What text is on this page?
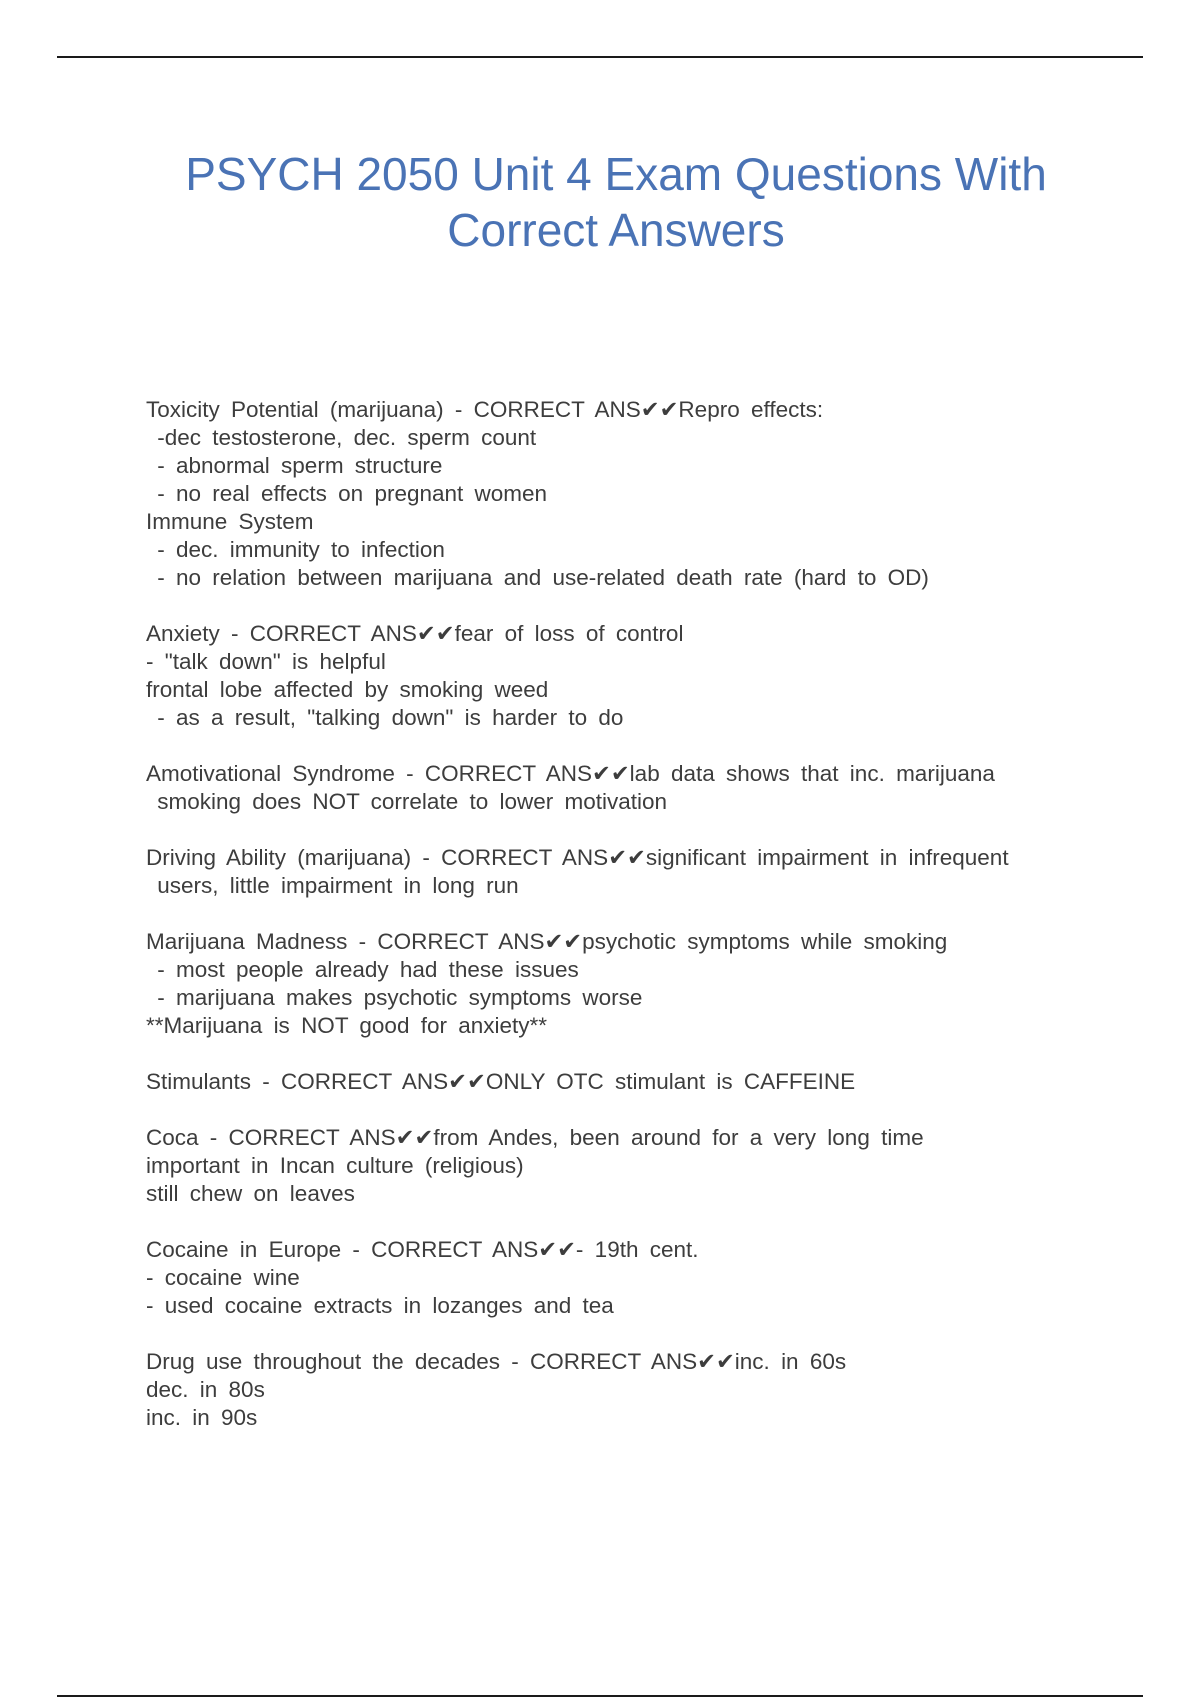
PSYCH 2050 Unit 4 Exam Questions With
Correct Answers
Toxicity Potential (marijuana) - CORRECT ANS✔✔Repro effects:
-dec testosterone, dec. sperm count
- abnormal sperm structure
- no real effects on pregnant women
Immune System
- dec. immunity to infection
- no relation between marijuana and use-related death rate (hard to OD)
Anxiety - CORRECT ANS✔✔fear of loss of control
- "talk down" is helpful
frontal lobe affected by smoking weed
- as a result, "talking down" is harder to do
Amotivational Syndrome - CORRECT ANS✔✔lab data shows that inc. marijuana
smoking does NOT correlate to lower motivation
Driving Ability (marijuana) - CORRECT ANS✔✔significant impairment in infrequent
users, little impairment in long run
Marijuana Madness - CORRECT ANS✔✔psychotic symptoms while smoking
- most people already had these issues
- marijuana makes psychotic symptoms worse
**Marijuana is NOT good for anxiety**
Stimulants - CORRECT ANS✔✔ONLY OTC stimulant is CAFFEINE
Coca - CORRECT ANS✔✔from Andes, been around for a very long time
important in Incan culture (religious)
still chew on leaves
Cocaine in Europe - CORRECT ANS✔✔- 19th cent.
- cocaine wine
- used cocaine extracts in lozanges and tea
Drug use throughout the decades - CORRECT ANS✔✔inc. in 60s
dec. in 80s
inc. in 90s
